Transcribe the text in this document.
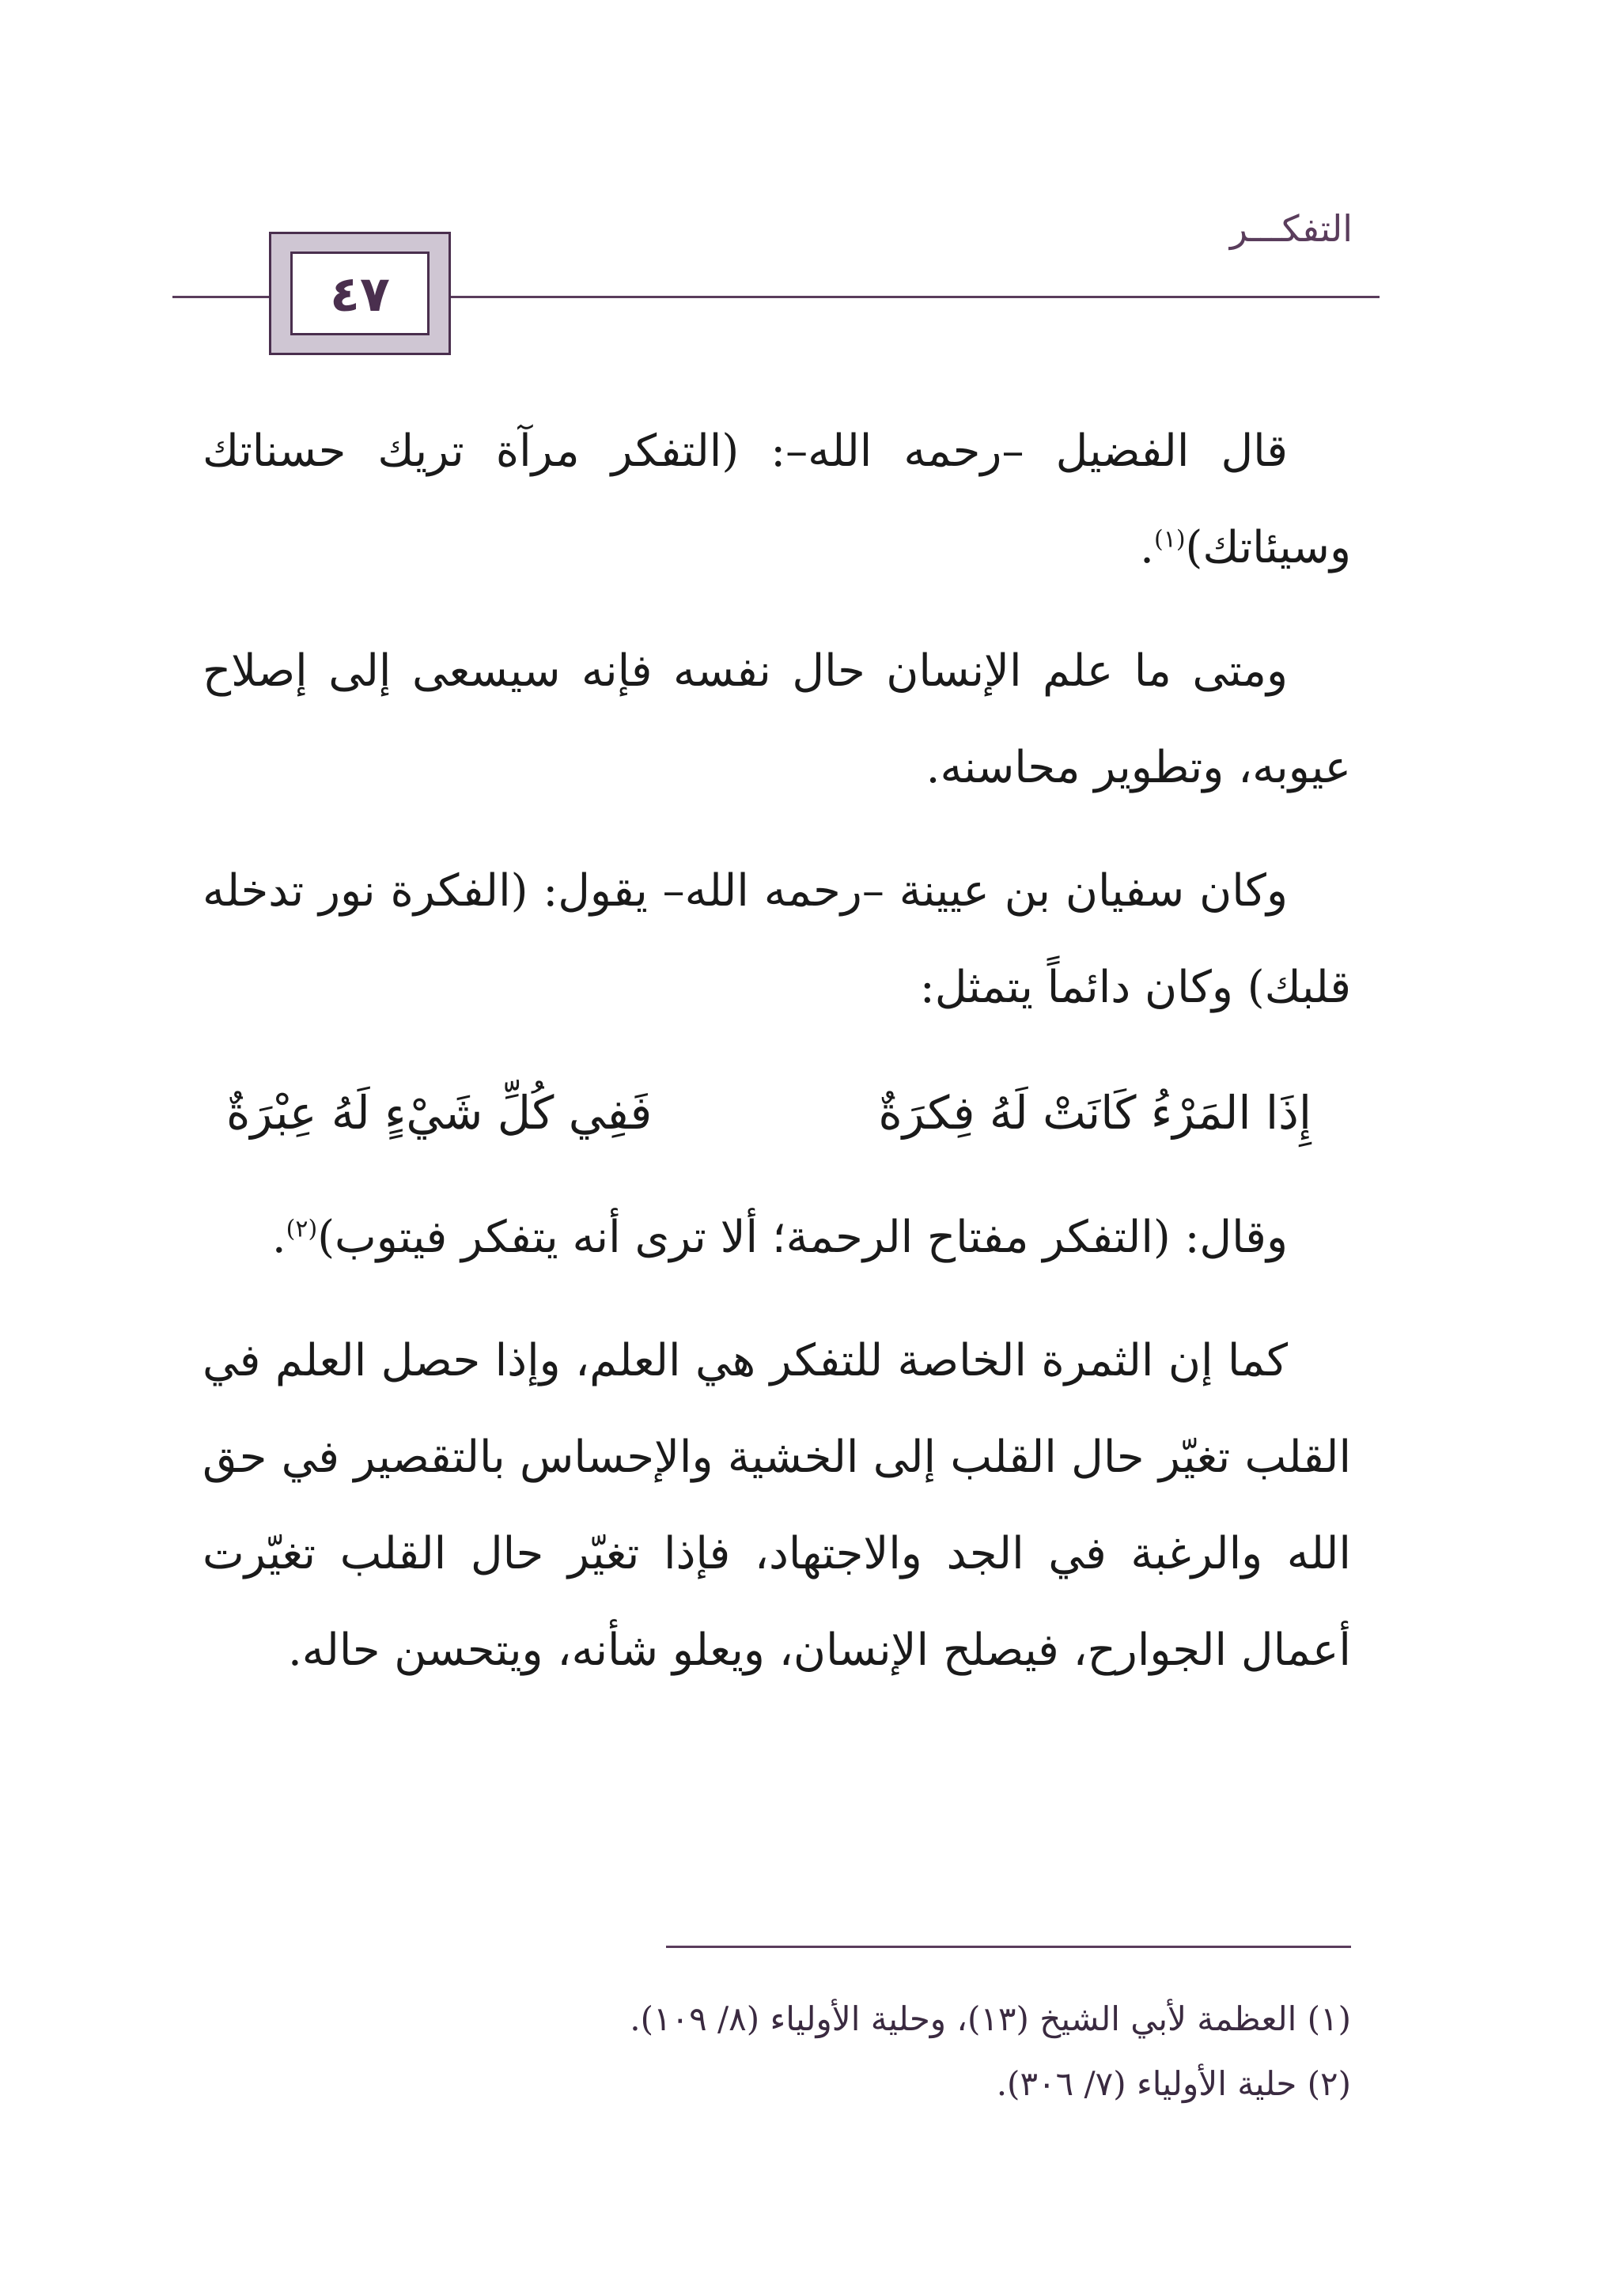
التفكـــر
٤٧

قال الفضيل –رحمه الله–: (التفكر مرآة تريك حسناتك وسيئاتك)$^{(١)}$.

ومتى ما علم الإنسان حال نفسه فإنه سيسعى إلى إصلاح عيوبه، وتطوير محاسنه.

وكان سفيان بن عيينة –رحمه الله– يقول: (الفكرة نور تدخله قلبك) وكان دائماً يتمثل:

إِذَا المَرْءُ كَانَتْ لَهُ فِكرَةٌ
فَفِي كُلِّ شَيْءٍ لَهُ عِبْرَةٌ

وقال: (التفكر مفتاح الرحمة؛ ألا ترى أنه يتفكر فيتوب)$^{(٢)}$.

كما إن الثمرة الخاصة للتفكر هي العلم، وإذا حصل العلم في القلب تغيّر حال القلب إلى الخشية والإحساس بالتقصير في حق الله والرغبة في الجد والاجتهاد، فإذا تغيّر حال القلب تغيّرت أعمال الجوارح، فيصلح الإنسان، ويعلو شأنه، ويتحسن حاله.

(١) العظمة لأبي الشيخ (١٣)، وحلية الأولياء (٨/ ١٠٩).

(٢) حلية الأولياء (٧/ ٣٠٦).
